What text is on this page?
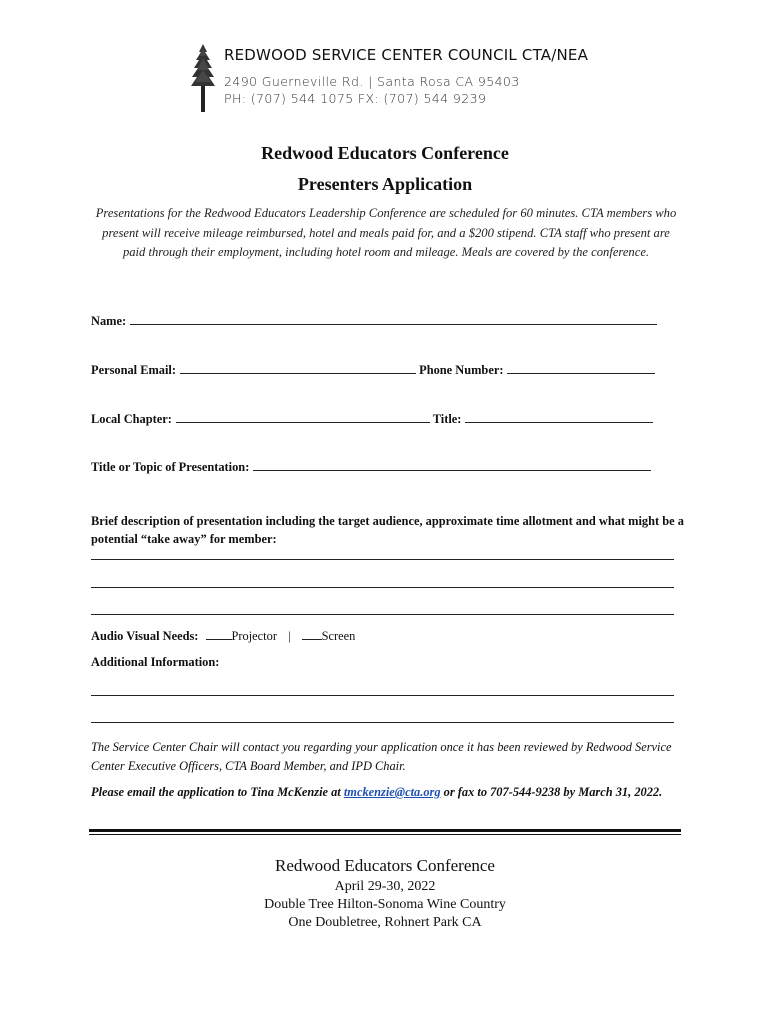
REDWOOD SERVICE CENTER COUNCIL CTA/NEA
2490 Guerneville Rd. | Santa Rosa CA 95403
PH: (707) 544 1075 FX: (707) 544 9239
Redwood Educators Conference
Presenters Application
Presentations for the Redwood Educators Leadership Conference are scheduled for 60 minutes. CTA members who present will receive mileage reimbursed, hotel and meals paid for, and a $200 stipend. CTA staff who present are paid through their employment, including hotel room and mileage. Meals are covered by the conference.
Name:
Personal Email:	Phone Number:
Local Chapter:	Title:
Title or Topic of Presentation:
Brief description of presentation including the target audience, approximate time allotment and what might be a potential “take away” for member:
Audio Visual Needs:	Projector |	Screen
Additional Information:
The Service Center Chair will contact you regarding your application once it has been reviewed by Redwood Service Center Executive Officers, CTA Board Member, and IPD Chair.
Please email the application to Tina McKenzie at tmckenzie@cta.org or fax to 707-544-9238 by March 31, 2022.
Redwood Educators Conference
April 29-30, 2022
Double Tree Hilton-Sonoma Wine Country
One Doubletree, Rohnert Park CA
